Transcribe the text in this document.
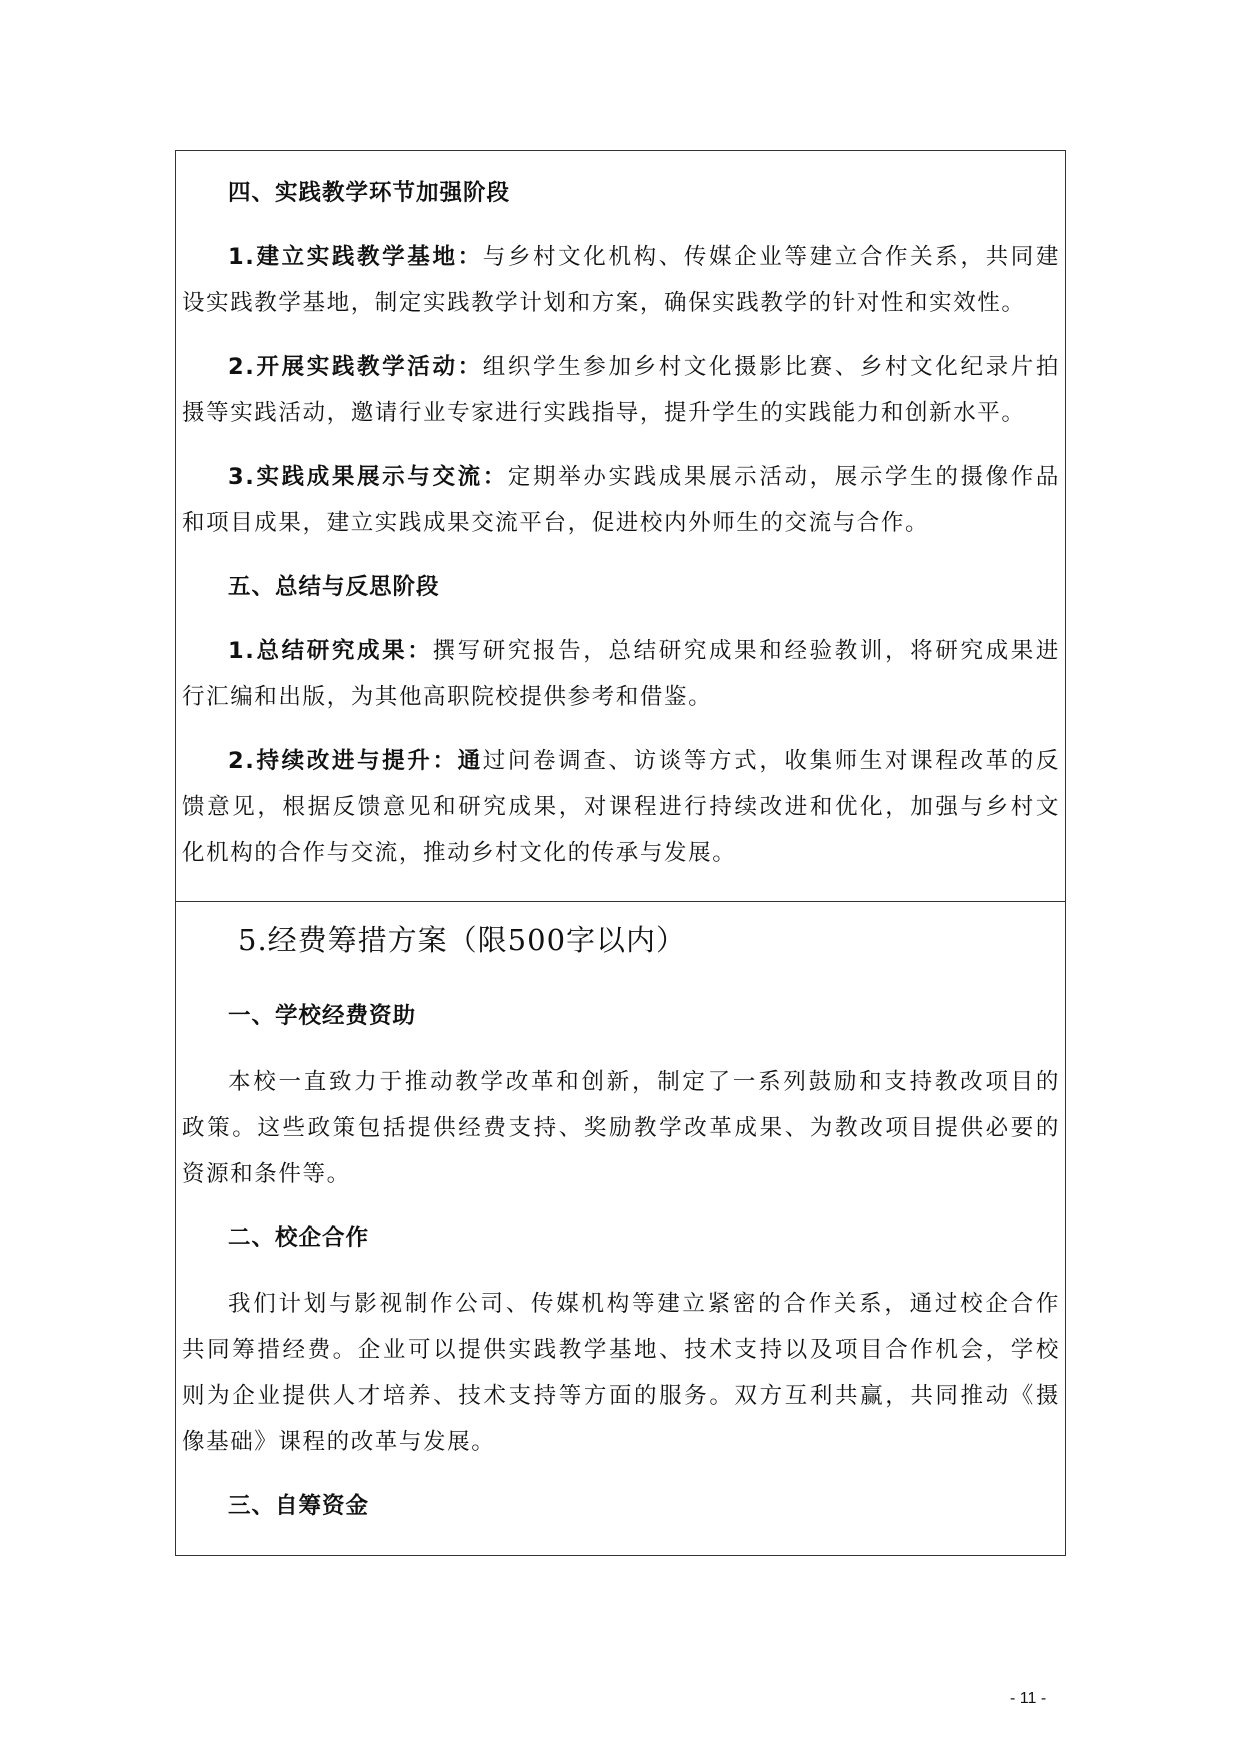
四、实践教学环节加强阶段
1.建立实践教学基地：与乡村文化机构、传媒企业等建立合作关系，共同建
设实践教学基地，制定实践教学计划和方案，确保实践教学的针对性和实效性。
2.开展实践教学活动：组织学生参加乡村文化摄影比赛、乡村文化纪录片拍
摄等实践活动，邀请行业专家进行实践指导，提升学生的实践能力和创新水平。
3.实践成果展示与交流：定期举办实践成果展示活动，展示学生的摄像作品
和项目成果，建立实践成果交流平台，促进校内外师生的交流与合作。
五、总结与反思阶段
1.总结研究成果：撰写研究报告，总结研究成果和经验教训，将研究成果进
行汇编和出版，为其他高职院校提供参考和借鉴。
2.持续改进与提升：通过问卷调查、访谈等方式，收集师生对课程改革的反
馈意见，根据反馈意见和研究成果，对课程进行持续改进和优化，加强与乡村文
化机构的合作与交流，推动乡村文化的传承与发展。
5.经费筹措方案（限500字以内）
一、学校经费资助
本校一直致力于推动教学改革和创新，制定了一系列鼓励和支持教改项目的
政策。这些政策包括提供经费支持、奖励教学改革成果、为教改项目提供必要的
资源和条件等。
二、校企合作
我们计划与影视制作公司、传媒机构等建立紧密的合作关系，通过校企合作
共同筹措经费。企业可以提供实践教学基地、技术支持以及项目合作机会，学校
则为企业提供人才培养、技术支持等方面的服务。双方互利共赢，共同推动《摄
像基础》课程的改革与发展。
三、自筹资金
- 11 -
